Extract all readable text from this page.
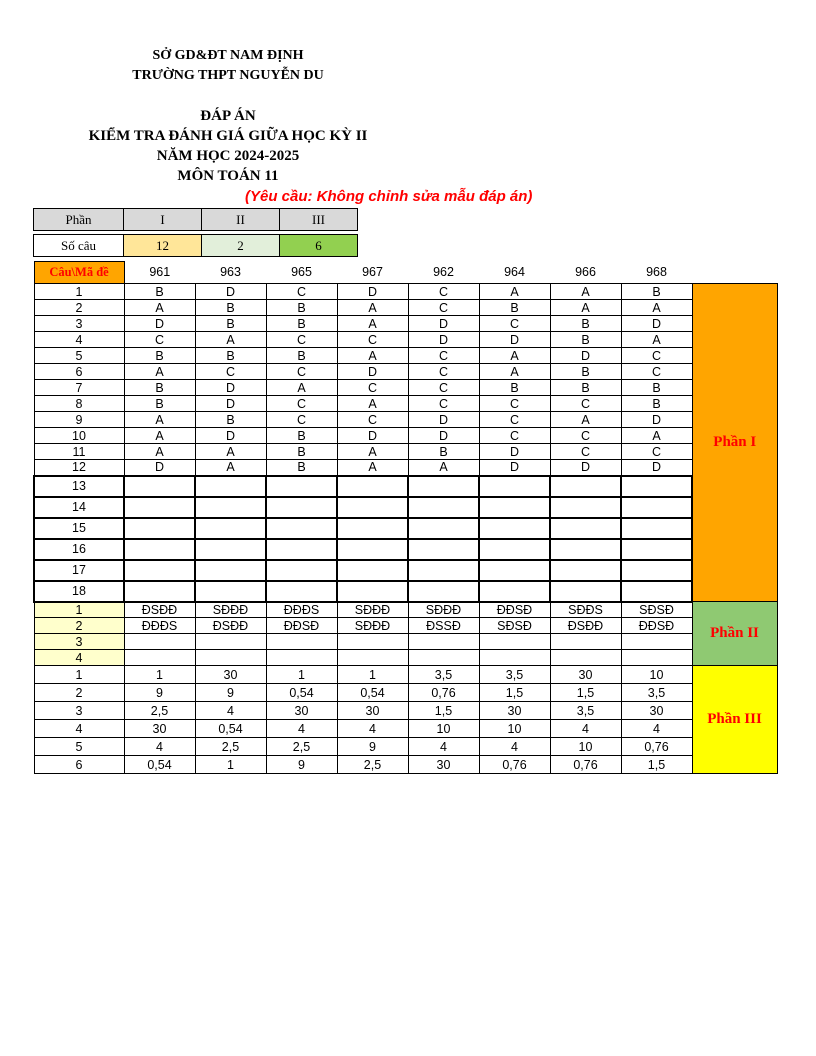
SỞ GD&ĐT NAM ĐỊNH
TRƯỜNG THPT NGUYỄN DU
ĐÁP ÁN
KIỂM TRA ĐÁNH GIÁ GIỮA HỌC KỲ II
NĂM HỌC 2024-2025
MÔN TOÁN 11
(Yêu cầu: Không chỉnh sửa mẫu đáp án)
Phần	I	II	III
Số câu	12	2	6
Câu\Mã đề	961	963	965	967	962	964	966	968	
1	B	D	C	D	C	A	A	B	Phần I
2	A	B	B	A	C	B	A	A	
3	D	B	B	A	D	C	B	D	
4	C	A	C	C	D	D	B	A	
5	B	B	B	A	C	A	D	C	
6	A	C	C	D	C	A	B	C	
7	B	D	A	C	C	B	B	B	
8	B	D	C	A	C	C	C	B	
9	A	B	C	C	D	C	A	D	
10	A	D	B	D	D	C	C	A	
11	A	A	B	A	B	D	C	C	
12	D	A	B	A	A	D	D	D	
13									
14									
15									
16									
17									
18									
1	ĐSĐĐ	SĐĐĐ	ĐĐĐS	SĐĐĐ	SĐĐĐ	ĐĐSĐ	SĐĐS	SĐSĐ	Phần II
2	ĐĐĐS	ĐSĐĐ	ĐĐSĐ	SĐĐĐ	ĐSSĐ	SĐSĐ	ĐSĐĐ	ĐĐSĐ	
3									
4									
1	1	30	1	1	3,5	3,5	30	10	Phần III
2	9	9	0,54	0,54	0,76	1,5	1,5	3,5	
3	2,5	4	30	30	1,5	30	3,5	30	
4	30	0,54	4	4	10	10	4	4	
5	4	2,5	2,5	9	4	4	10	0,76	
6	0,54	1	9	2,5	30	0,76	0,76	1,5	
